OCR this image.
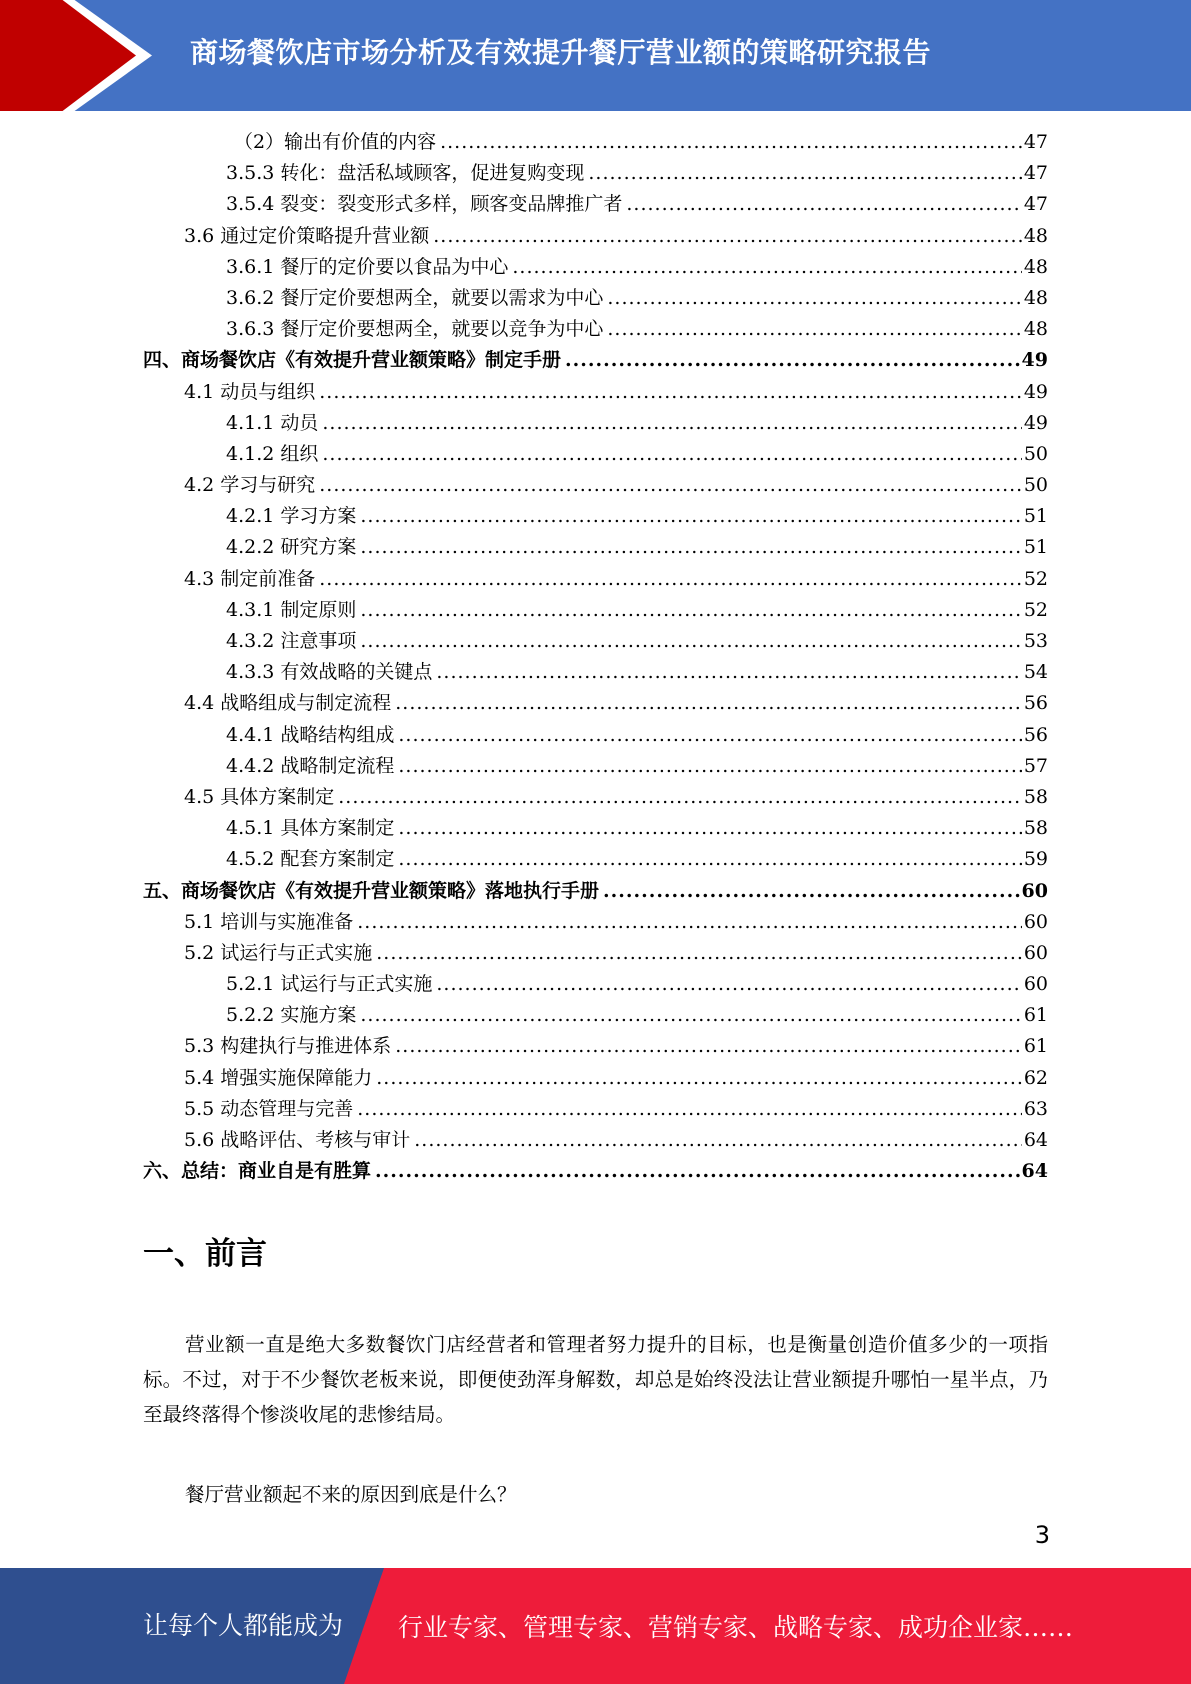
商场餐饮店市场分析及有效提升餐厅营业额的策略研究报告
（2）输出有价值的内容 .....	47
3.5.3 转化：盘活私域顾客，促进复购变现 .....	47
3.5.4 裂变：裂变形式多样，顾客变品牌推广者 .....	47
3.6 通过定价策略提升营业额 .....	48
3.6.1 餐厅的定价要以食品为中心 .....	48
3.6.2 餐厅定价要想两全，就要以需求为中心 .....	48
3.6.3 餐厅定价要想两全，就要以竞争为中心 .....	48
四、商场餐饮店《有效提升营业额策略》制定手册 .....	49
4.1 动员与组织 .....	49
4.1.1 动员 .....	49
4.1.2 组织 .....	50
4.2 学习与研究 .....	50
4.2.1 学习方案 .....	51
4.2.2 研究方案 .....	51
4.3 制定前准备 .....	52
4.3.1 制定原则 .....	52
4.3.2 注意事项 .....	53
4.3.3 有效战略的关键点 .....	54
4.4 战略组成与制定流程 .....	56
4.4.1 战略结构组成 .....	56
4.4.2 战略制定流程 .....	57
4.5 具体方案制定 .....	58
4.5.1 具体方案制定 .....	58
4.5.2 配套方案制定 .....	59
五、商场餐饮店《有效提升营业额策略》落地执行手册 .....	60
5.1 培训与实施准备 .....	60
5.2 试运行与正式实施 .....	60
5.2.1 试运行与正式实施 .....	60
5.2.2 实施方案 .....	61
5.3 构建执行与推进体系 .....	61
5.4 增强实施保障能力 .....	62
5.5 动态管理与完善 .....	63
5.6 战略评估、考核与审计 .....	64
六、总结：商业自是有胜算 .....	64
一、前言
营业额一直是绝大多数餐饮门店经营者和管理者努力提升的目标，也是衡量创造价值多少的一项指标。不过，对于不少餐饮老板来说，即便使劲浑身解数，却总是始终没法让营业额提升哪怕一星半点，乃至最终落得个惨淡收尾的悲惨结局。
餐厅营业额起不来的原因到底是什么？
3
让每个人都能成为 行业专家、管理专家、营销专家、战略专家、成功企业家……
